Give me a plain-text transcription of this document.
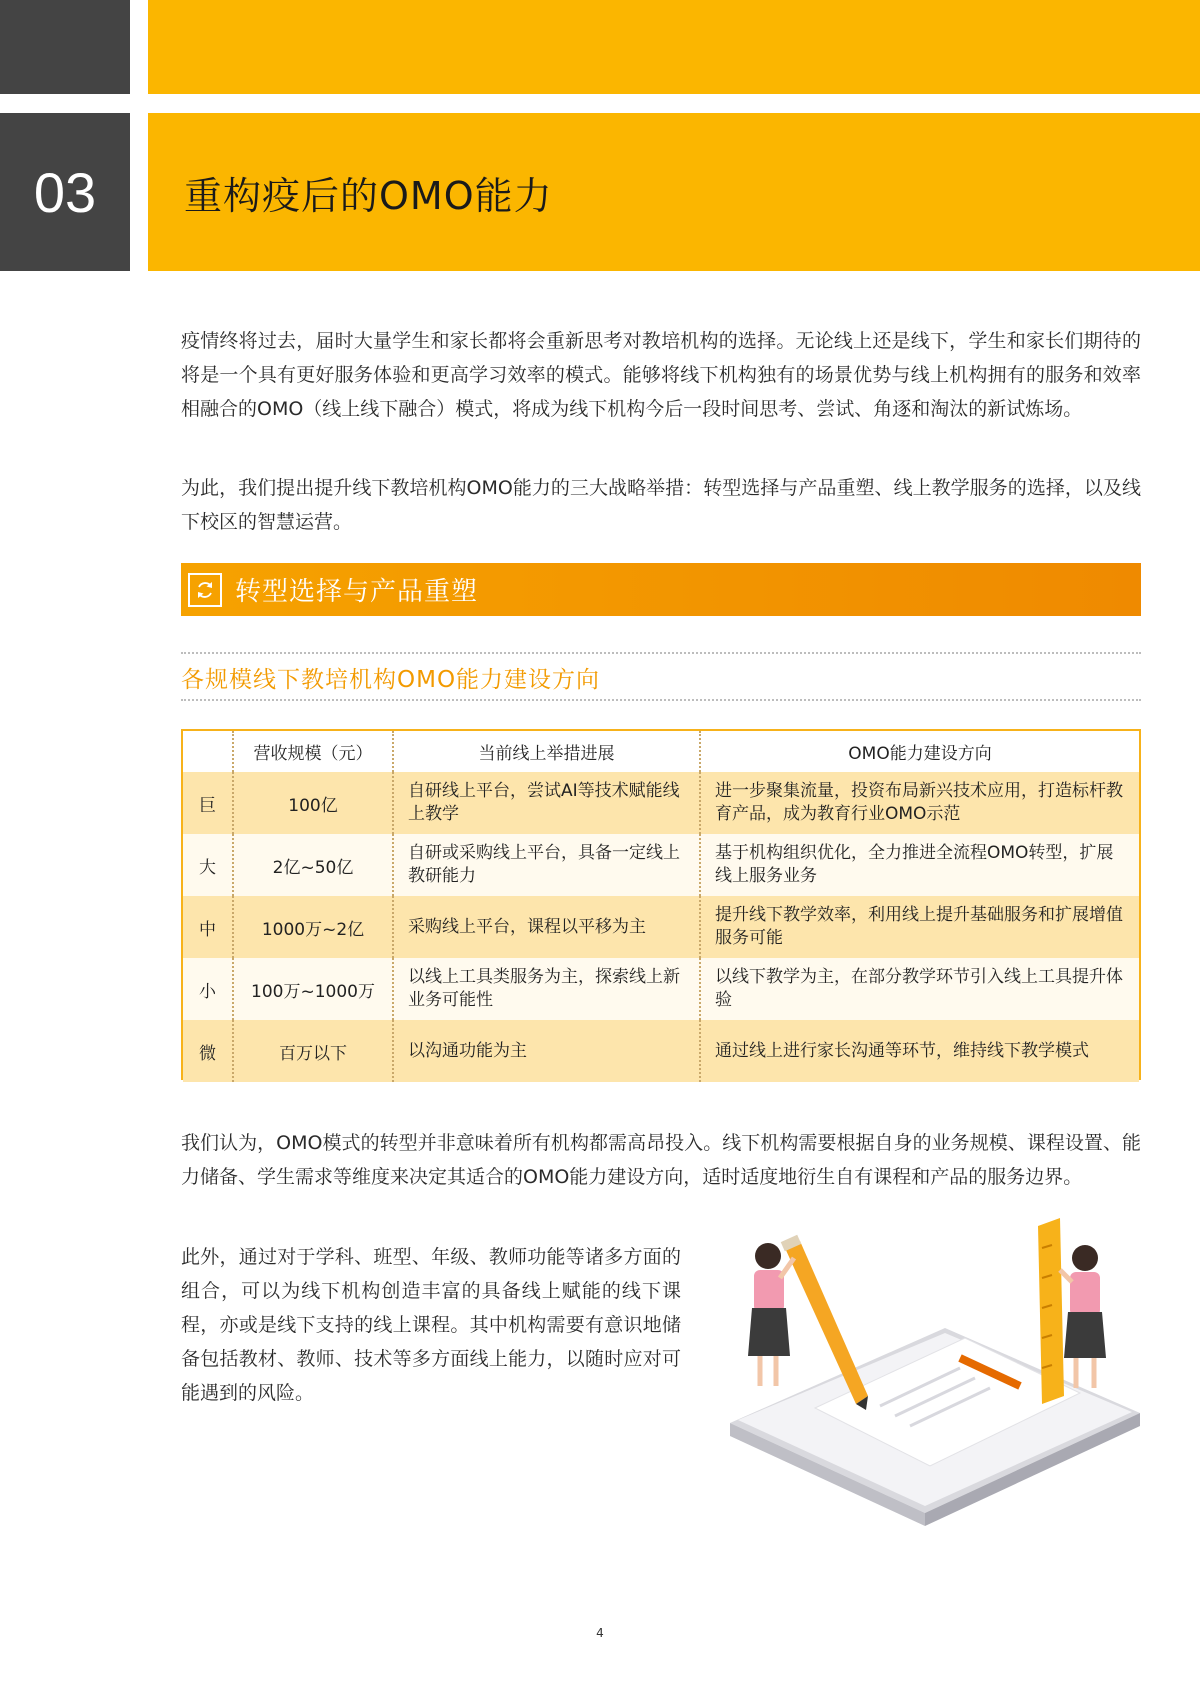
03	重构疫后的OMO能力

疫情终将过去，届时大量学生和家长都将会重新思考对教培机构的选择。无论线上还是线下，学生和家长们期待的将是一个具有更好服务体验和更高学习效率的模式。能够将线下机构独有的场景优势与线上机构拥有的服务和效率相融合的OMO（线上线下融合）模式，将成为线下机构今后一段时间思考、尝试、角逐和淘汰的新试炼场。

为此，我们提出提升线下教培机构OMO能力的三大战略举措：转型选择与产品重塑、线上教学服务的选择，以及线下校区的智慧运营。

转型选择与产品重塑
各规模线下教培机构OMO能力建设方向
	营收规模（元）	当前线上举措进展	OMO能力建设方向
巨	100亿	自研线上平台，尝试AI等技术赋能线上教学	进一步聚集流量，投资布局新兴技术应用，打造标杆教育产品，成为教育行业OMO示范
大	2亿~50亿	自研或采购线上平台，具备一定线上教研能力	基于机构组织优化，全力推进全流程OMO转型，扩展线上服务业务
中	1000万~2亿	采购线上平台，课程以平移为主	提升线下教学效率，利用线上提升基础服务和扩展增值服务可能
小	100万~1000万	以线上工具类服务为主，探索线上新业务可能性	以线下教学为主，在部分教学环节引入线上工具提升体验
微	百万以下	以沟通功能为主	通过线上进行家长沟通等环节，维持线下教学模式

我们认为，OMO模式的转型并非意味着所有机构都需高昂投入。线下机构需要根据自身的业务规模、课程设置、能力储备、学生需求等维度来决定其适合的OMO能力建设方向，适时适度地衍生自有课程和产品的服务边界。

此外，通过对于学科、班型、年级、教师功能等诸多方面的组合，可以为线下机构创造丰富的具备线上赋能的线下课程，亦或是线下支持的线上课程。其中机构需要有意识地储备包括教材、教师、技术等多方面线上能力，以随时应对可能遇到的风险。

4
